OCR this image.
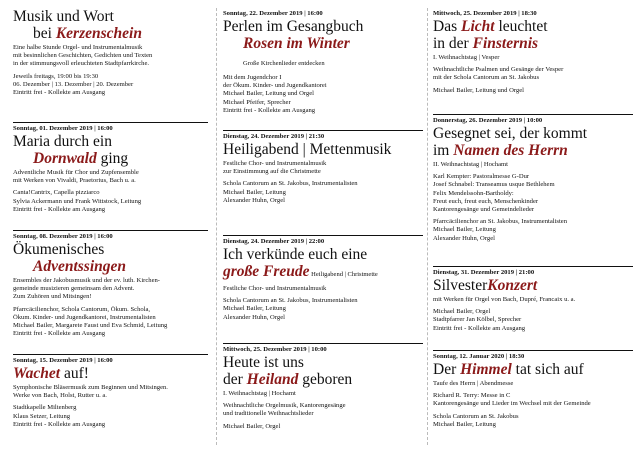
Musik und Wort
bei Kerzenschein
Eine halbe Stunde Orgel- und Instrumentalmusik
mit besinnlichen Geschichten, Gedichten und Texten
in der stimmungsvoll erleuchteten Stadtpfarrkirche.
Jeweils freitags, 19:00 bis 19:30
06. Dezember | 13. Dezember | 20. Dezember
Eintritt frei - Kollekte am Ausgang
Sonntag, 01. Dezember 2019 | 16:00
Maria durch ein
Dornwald ging
Adventliche Musik für Chor und Zupfensemble
mit Werken von Vivaldi, Praetorius, Bach u. a.
Canta!Cantrix, Capella pizziarco
Sylvia Ackermann und Frank Wittstock, Leitung
Eintritt frei - Kollekte am Ausgang
Sonntag, 08. Dezember 2019 | 16:00
Ökumenisches
Adventssingen
Ensembles der Jakobusmusik und der ev. luth. Kirchen-
gemeinde musizieren gemeinsam den Advent.
Zum Zuhören und Mitsingen!
Pfarrcäcilienchor, Schola Cantorum, Ökum. Schola,
Ökum. Kinder- und Jugendkantorei, Instrumentalisten
Michael Bailer, Margarete Faust und Eva Schmid, Leitung
Eintritt frei - Kollekte am Ausgang
Sonntag, 15. Dezember 2019 | 16:00
Wachet auf!
Symphonische Bläsermusik zum Beginnen und Mitsingen.
Werke von Bach, Holst, Rutter u. a.
Stadtkapelle Miltenberg
Klaus Setzer, Leitung
Eintritt frei - Kollekte am Ausgang
Sonntag, 22. Dezember 2019 | 16:00
Perlen im Gesangbuch
Rosen im Winter
Große Kirchenlieder entdecken
Mit dem Jugendchor I
der Ökum. Kinder- und Jugendkantorei
Michael Bailer, Leitung und Orgel
Michael Pfeifer, Sprecher
Eintritt frei - Kollekte am Ausgang
Dienstag, 24. Dezember 2019 | 21:30
Heiligabend | Mettenmusik
Festliche Chor- und Instrumentalmusik
zur Einstimmung auf die Christmette
Schola Cantorum an St. Jakobus, Instrumentalisten
Michael Bailer, Leitung
Alexander Huhn, Orgel
Dienstag, 24. Dezember 2019 | 22:00
Ich verkünde euch eine
große Freude Heiligabend | Christmette
Festliche Chor- und Instrumentalmusik
Schola Cantorum an St. Jakobus, Instrumentalisten
Michael Bailer, Leitung
Alexander Huhn, Orgel
Mittwoch, 25. Dezember 2019 | 10:00
Heute ist uns
der Heiland geboren
I. Weihnachtstag | Hochamt
Weihnachtliche Orgelmusik, Kantorengesänge
und traditionelle Weihnachtslieder
Michael Bailer, Orgel
Mittwoch, 25. Dezember 2019 | 18:30
Das Licht leuchtet
in der Finsternis
I. Weihnachtstag | Vesper
Weihnachtliche Psalmen und Gesänge der Vesper
mit der Schola Cantorum an St. Jakobus
Michael Bailer, Leitung und Orgel
Donnerstag, 26. Dezember 2019 | 10:00
Gesegnet sei, der kommt
im Namen des Herrn
II. Weihnachtstag | Hochamt
Karl Kempter: Pastoralmesse G-Dur
Josef Schnabel: Transeamus usque Bethlehem
Felix Mendelssohn-Bartholdy:
Freut euch, freut euch, Menschenkinder
Kantorengesänge und Gemeindelieder
Pfarrcäcilienchor an St. Jakobus, Instrumentalisten
Michael Bailer, Leitung
Alexander Huhn, Orgel
Dienstag, 31. Dezember 2019 | 21:00
SilvesterKonzert
mit Werken für Orgel von Bach, Dupré, Francaix u. a.
Michael Bailer, Orgel
Stadtpfarrer Jan Kölbel, Sprecher
Eintritt frei - Kollekte am Ausgang
Sonntag, 12. Januar 2020 | 18:30
Der Himmel tat sich auf
Taufe des Herrn | Abendmesse
Richard R. Terry: Messe in C
Kantorengesänge und Lieder im Wechsel mit der Gemeinde
Schola Cantorum an St. Jakobus
Michael Bailer, Leitung
